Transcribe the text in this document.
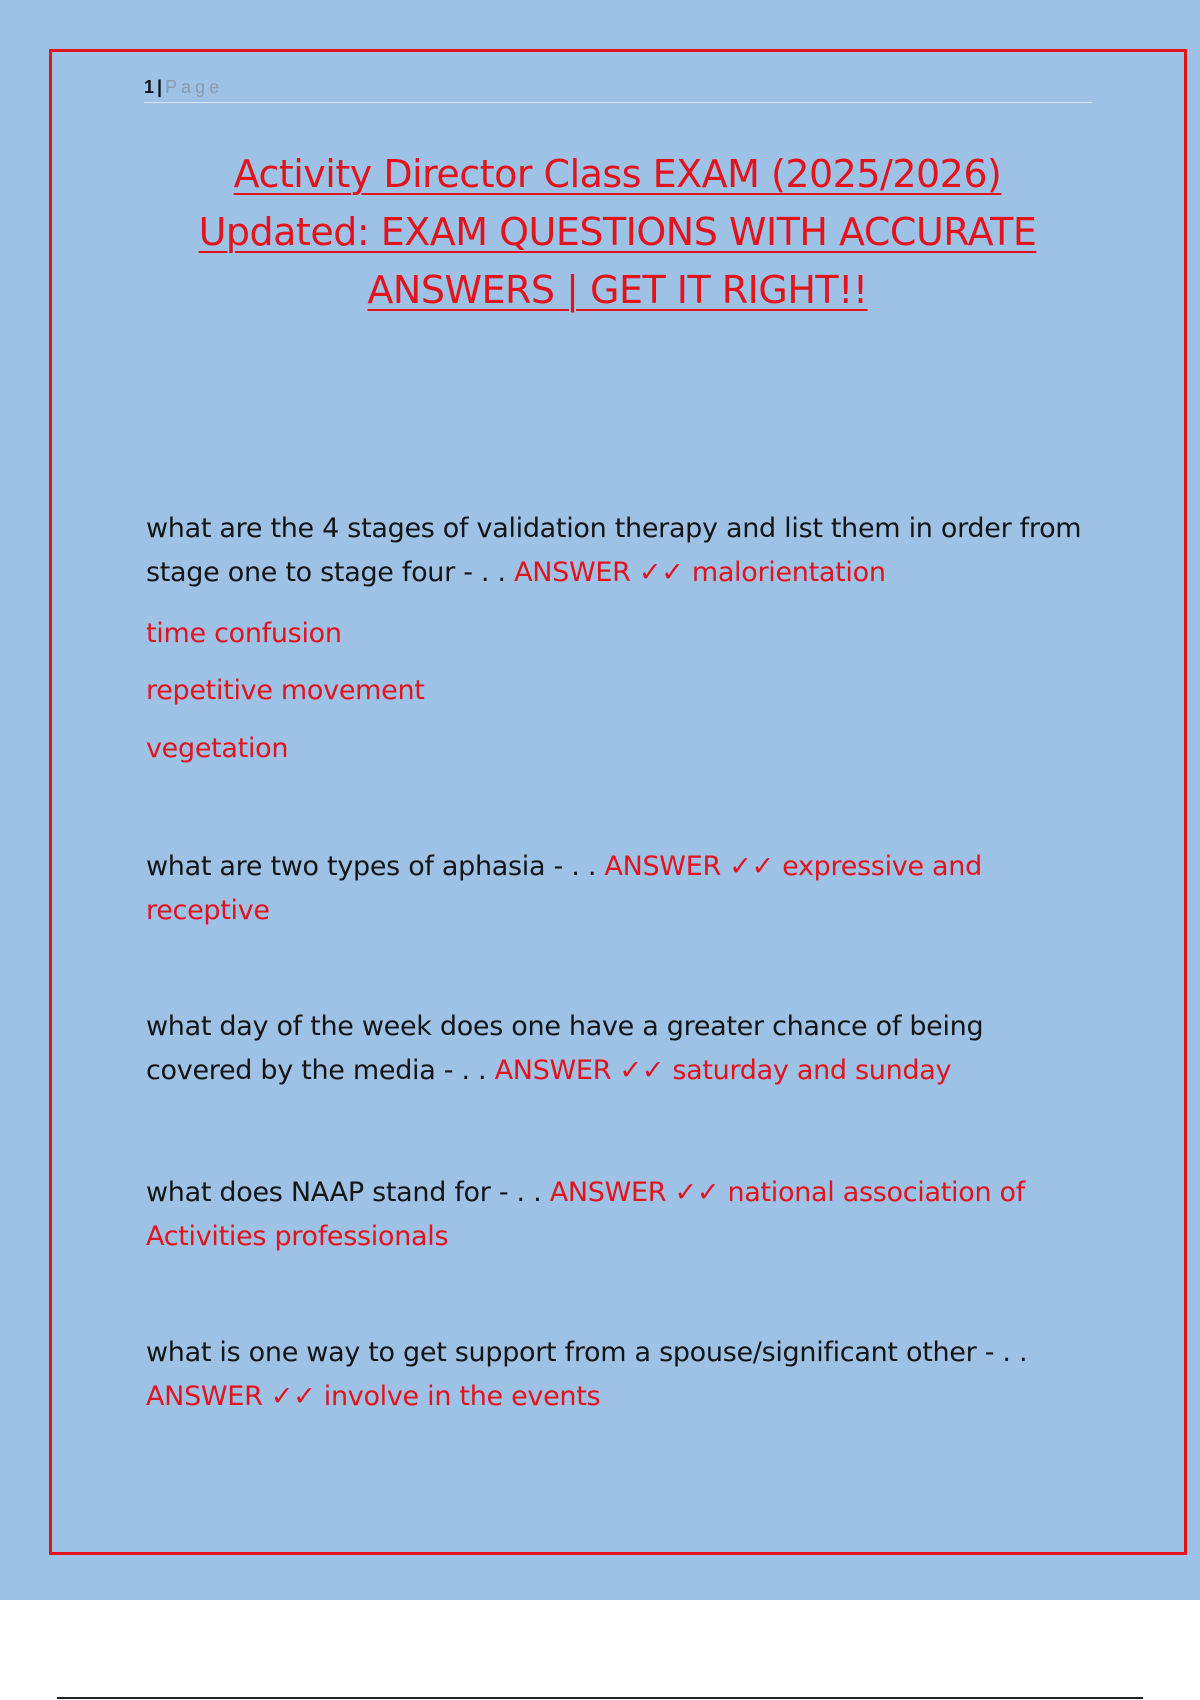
1 | Page
Activity Director Class EXAM (2025/2026)
Updated: EXAM QUESTIONS WITH ACCURATE
ANSWERS | GET IT RIGHT!!
what are the 4 stages of validation therapy and list them in order from stage one to stage four - . . ANSWER ✓✓ malorientation
time confusion
repetitive movement
vegetation
what are two types of aphasia - . . ANSWER ✓✓ expressive and receptive
what day of the week does one have a greater chance of being covered by the media - . . ANSWER ✓✓ saturday and sunday
what does NAAP stand for - . . ANSWER ✓✓ national association of Activities professionals
what is one way to get support from a spouse/significant other - . . ANSWER ✓✓ involve in the events
